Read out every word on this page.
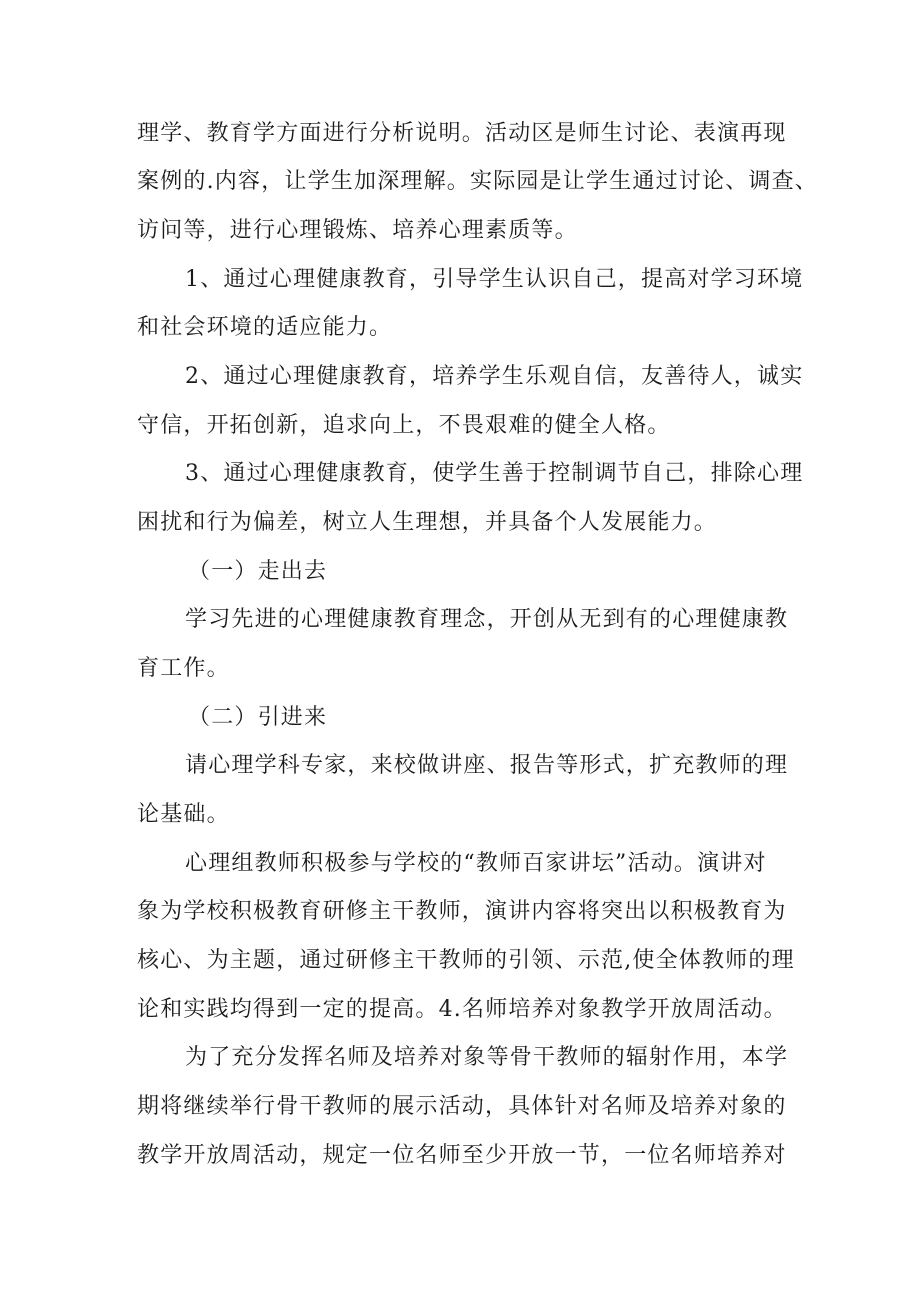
理学、教育学方面进行分析说明。活动区是师生讨论、表演再现
案例的.内容，让学生加深理解。实际园是让学生通过讨论、调查、
访问等，进行心理锻炼、培养心理素质等。
1、通过心理健康教育，引导学生认识自己，提高对学习环境
和社会环境的适应能力。
2、通过心理健康教育，培养学生乐观自信，友善待人，诚实
守信，开拓创新，追求向上，不畏艰难的健全人格。
3、通过心理健康教育，使学生善于控制调节自己，排除心理
困扰和行为偏差，树立人生理想，并具备个人发展能力。
（一）走出去
学习先进的心理健康教育理念，开创从无到有的心理健康教
育工作。
（二）引进来
请心理学科专家，来校做讲座、报告等形式，扩充教师的理
论基础。
心理组教师积极参与学校的“教师百家讲坛”活动。演讲对
象为学校积极教育研修主干教师，演讲内容将突出以积极教育为
核心、为主题，通过研修主干教师的引领、示范,使全体教师的理
论和实践均得到一定的提高。4.名师培养对象教学开放周活动。
为了充分发挥名师及培养对象等骨干教师的辐射作用，本学
期将继续举行骨干教师的展示活动，具体针对名师及培养对象的
教学开放周活动，规定一位名师至少开放一节，一位名师培养对
